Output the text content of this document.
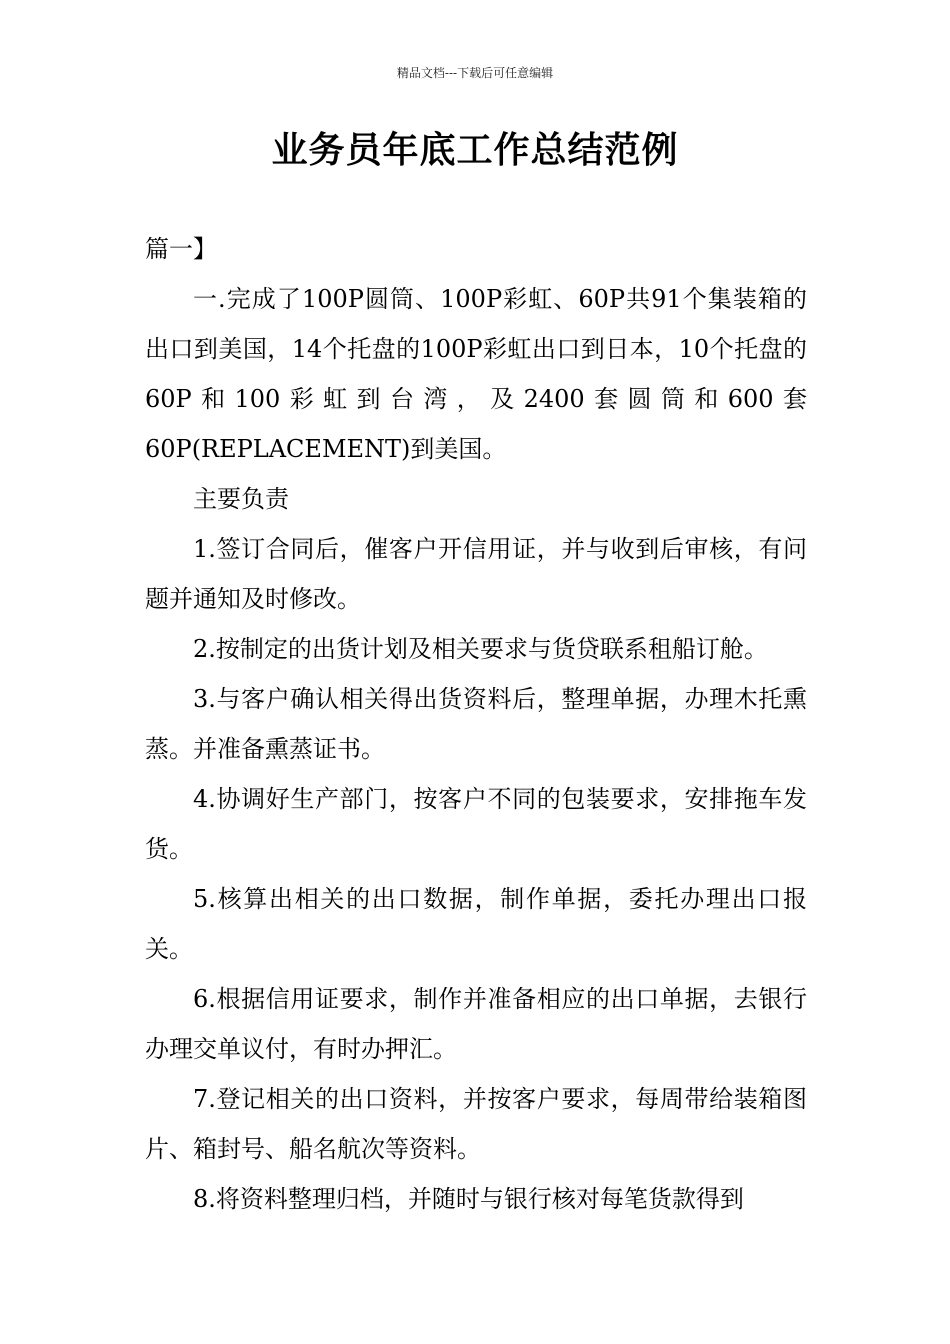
精品文档---下载后可任意编辑
业务员年底工作总结范例

篇一】

一.完成了100P圆筒、100P彩虹、60P共91个集装箱的出口到美国，14个托盘的100P彩虹出口到日本，10个托盘的60P和100彩虹到台湾，及2400套圆筒和600套60P(REPLACEMENT)到美国。

主要负责

1.签订合同后，催客户开信用证，并与收到后审核，有问题并通知及时修改。

2.按制定的出货计划及相关要求与货贷联系租船订舱。

3.与客户确认相关得出货资料后，整理单据，办理木托熏蒸。并准备熏蒸证书。

4.协调好生产部门，按客户不同的包装要求，安排拖车发货。

5.核算出相关的出口数据，制作单据，委托办理出口报关。

6.根据信用证要求，制作并准备相应的出口单据，去银行办理交单议付，有时办押汇。

7.登记相关的出口资料，并按客户要求，每周带给装箱图片、箱封号、船名航次等资料。

8.将资料整理归档，并随时与银行核对每笔货款得到
